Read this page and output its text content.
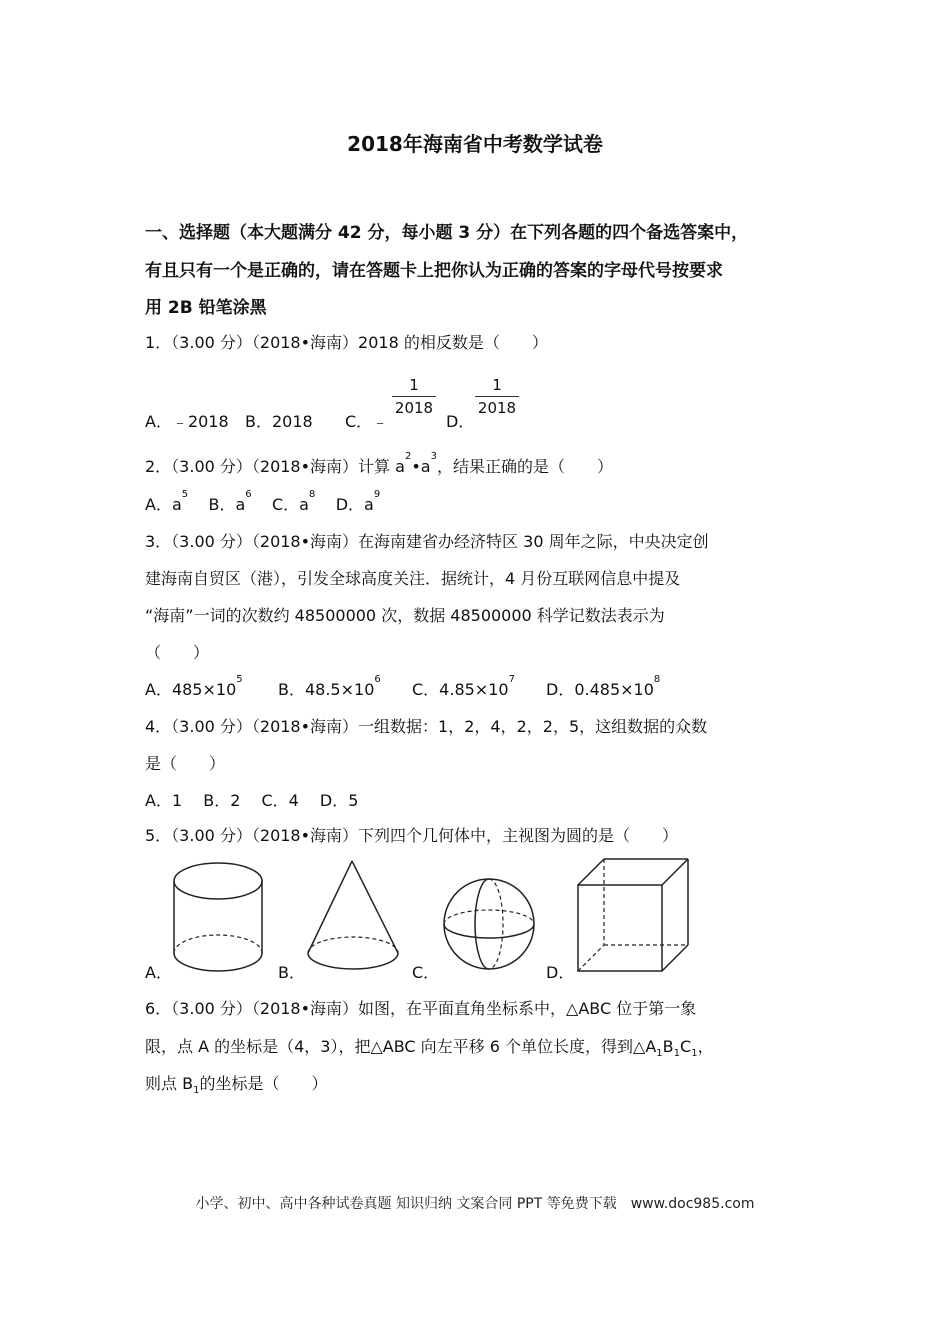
2018年海南省中考数学试卷
一、选择题（本大题满分 42 分，每小题 3 分）在下列各题的四个备选答案中，
有且只有一个是正确的，请在答题卡上把你认为正确的答案的字母代号按要求
用 2B 铅笔涂黑
1．（3.00 分）（2018•海南）2018 的相反数是（　　）
A．﹣2018 B．2018 C．﹣
1
2018
D．
1
2018
2．（3.00 分）（2018•海南）计算 $a^2•a^3$，结果正确的是（　　）
A．$a^5$    B．$a^6$    C．$a^8$    D．$a^9$
3．（3.00 分）（2018•海南）在海南建省办经济特区 30 周年之际，中央决定创
建海南自贸区（港），引发全球高度关注．据统计，4 月份互联网信息中提及
“海南”一词的次数约 48500000 次，数据 48500000 科学记数法表示为
（　　）
A．$485\times 10^5$
B．$48.5\times 10^6$
C．$4.85\times 10^7$
D．$0.485\times 10^8$
4．（3.00 分）（2018•海南）一组数据：1，2，4，2，2，5，这组数据的众数
是（　　）
A．1　 B．2　 C．4　 D．5
5．（3.00 分）（2018•海南）下列四个几何体中，主视图为圆的是（　　）
A．	B．	C．	D．
6．（3.00 分）（2018•海南）如图，在平面直角坐标系中，△ABC 位于第一象
限，点 A 的坐标是（4，3），把△ABC 向左平移 6 个单位长度，得到$\triangle A_1B_1C_1$，
则点 $B_1$的坐标是（　　）
小学、初中、高中各种试卷真题 知识归纳 文案合同 PPT 等免费下载　www.doc985.com
